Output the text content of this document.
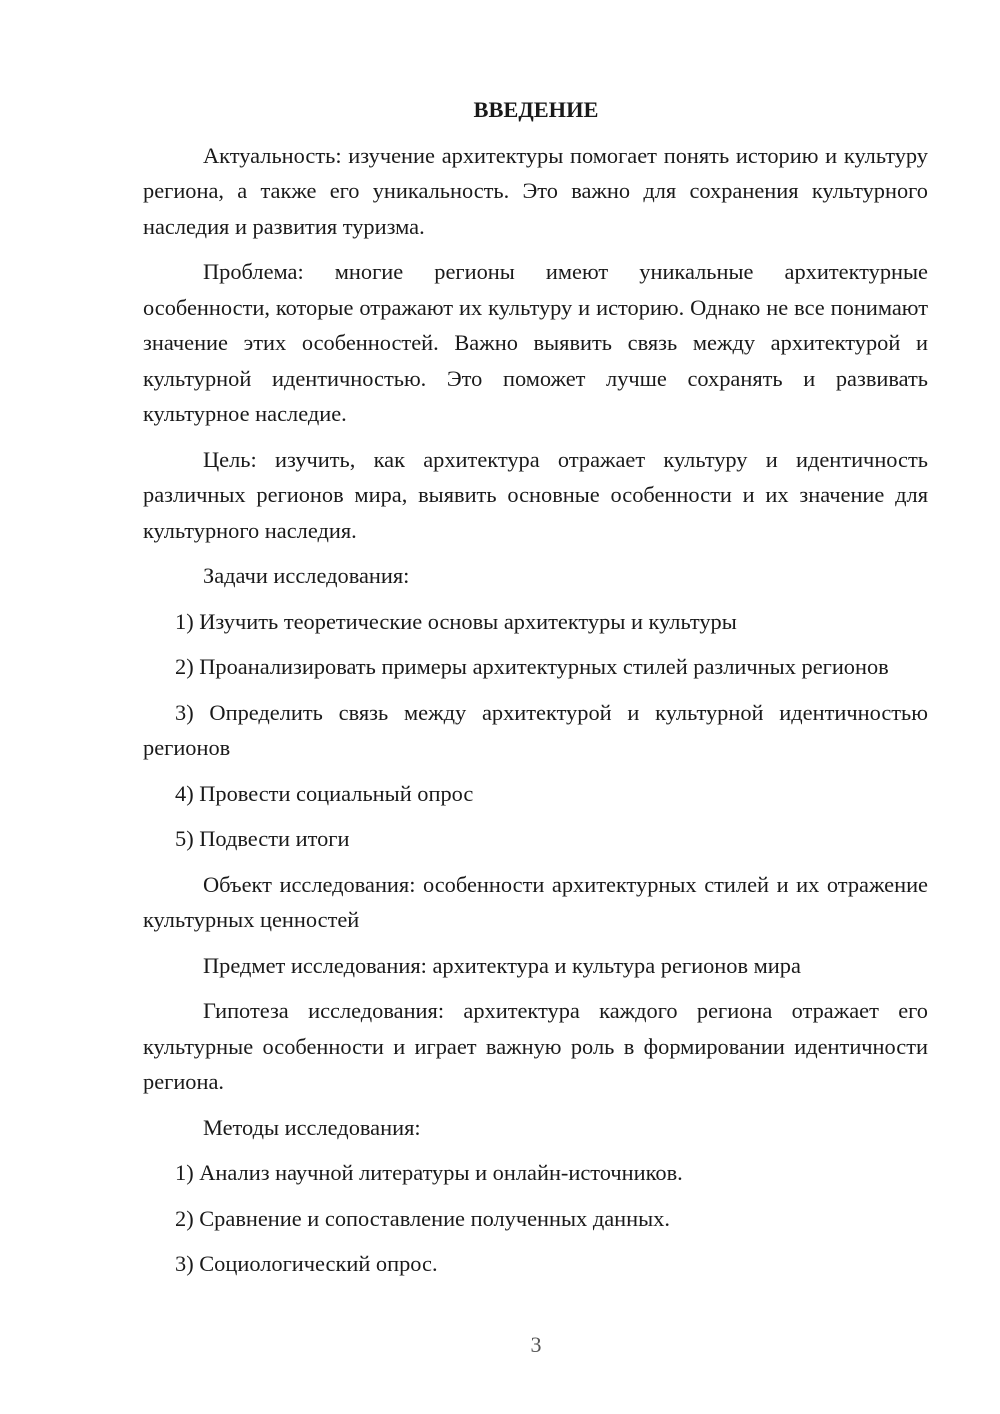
ВВЕДЕНИЕ

Актуальность: изучение архитектуры помогает понять историю и культуру региона, а также его уникальность. Это важно для сохранения культурного наследия и развития туризма.

Проблема: многие регионы имеют уникальные архитектурные особенности, которые отражают их культуру и историю. Однако не все понимают значение этих особенностей. Важно выявить связь между архитектурой и культурной идентичностью. Это поможет лучше сохранять и развивать культурное наследие.

Цель: изучить, как архитектура отражает культуру и идентичность различных регионов мира, выявить основные особенности и их значение для культурного наследия.

Задачи исследования:

1) Изучить теоретические основы архитектуры и культуры

2) Проанализировать примеры архитектурных стилей различных регионов

3) Определить связь между архитектурой и культурной идентичностью регионов

4) Провести социальный опрос

5) Подвести итоги

Объект исследования: особенности архитектурных стилей и их отражение культурных ценностей

Предмет исследования: архитектура и культура регионов мира

Гипотеза исследования: архитектура каждого региона отражает его культурные особенности и играет важную роль в формировании идентичности региона.

Методы исследования:

1) Анализ научной литературы и онлайн-источников.

2) Сравнение и сопоставление полученных данных.

3) Социологический опрос.

3
